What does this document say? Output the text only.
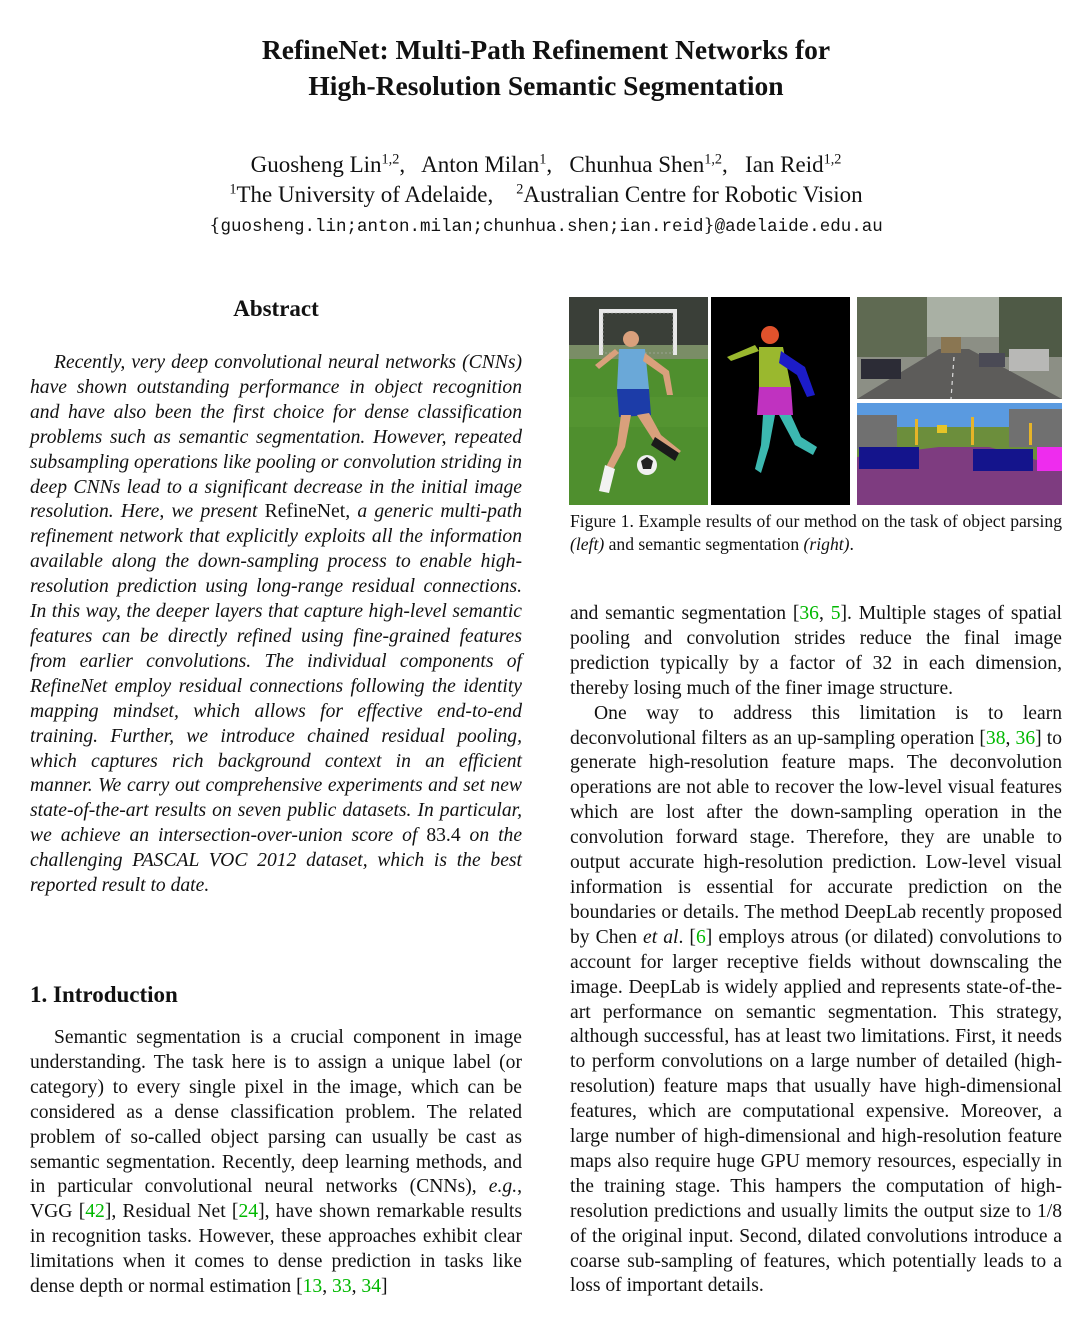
RefineNet: Multi-Path Refinement Networks for
High-Resolution Semantic Segmentation
Guosheng Lin$^{1,2}$,   Anton Milan$^1$,   Chunhua Shen$^{1,2}$,   Ian Reid$^{1,2}$
$^1$The University of Adelaide, $^2$Australian Centre for Robotic Vision
{guosheng.lin;anton.milan;chunhua.shen;ian.reid}@adelaide.edu.au
Abstract

Recently, very deep convolutional neural networks (CNNs) have shown outstanding performance in object recognition and have also been the first choice for dense classification problems such as semantic segmentation. However, repeated subsampling operations like pooling or convolution striding in deep CNNs lead to a significant decrease in the initial image resolution. Here, we present RefineNet, a generic multi-path refinement network that explicitly exploits all the information available along the down-sampling process to enable high-resolution prediction using long-range residual connections. In this way, the deeper layers that capture high-level semantic features can be directly refined using fine-grained features from earlier convolutions. The individual components of RefineNet employ residual connections following the identity mapping mindset, which allows for effective end-to-end training. Further, we introduce chained residual pooling, which captures rich background context in an efficient manner. We carry out comprehensive experiments and set new state-of-the-art results on seven public datasets. In particular, we achieve an intersection-over-union score of 83.4 on the challenging PASCAL VOC 2012 dataset, which is the best reported result to date.

1. Introduction

Semantic segmentation is a crucial component in image understanding. The task here is to assign a unique label (or category) to every single pixel in the image, which can be considered as a dense classification problem. The related problem of so-called object parsing can usually be cast as semantic segmentation. Recently, deep learning methods, and in particular convolutional neural networks (CNNs), e.g., VGG [42], Residual Net [24], have shown remarkable results in recognition tasks. However, these approaches exhibit clear limitations when it comes to dense prediction in tasks like dense depth or normal estimation [13, 33, 34]

Figure 1. Example results of our method on the task of object parsing (left) and semantic segmentation (right).

and semantic segmentation [36, 5]. Multiple stages of spatial pooling and convolution strides reduce the final image prediction typically by a factor of 32 in each dimension, thereby losing much of the finer image structure.

One way to address this limitation is to learn deconvolutional filters as an up-sampling operation [38, 36] to generate high-resolution feature maps. The deconvolution operations are not able to recover the low-level visual features which are lost after the down-sampling operation in the convolution forward stage. Therefore, they are unable to output accurate high-resolution prediction. Low-level visual information is essential for accurate prediction on the boundaries or details. The method DeepLab recently proposed by Chen et al. [6] employs atrous (or dilated) convolutions to account for larger receptive fields without downscaling the image. DeepLab is widely applied and represents state-of-the-art performance on semantic segmentation. This strategy, although successful, has at least two limitations. First, it needs to perform convolutions on a large number of detailed (high-resolution) feature maps that usually have high-dimensional features, which are computational expensive. Moreover, a large number of high-dimensional and high-resolution feature maps also require huge GPU memory resources, especially in the training stage. This hampers the computation of high-resolution predictions and usually limits the output size to 1/8 of the original input. Second, dilated convolutions introduce a coarse sub-sampling of features, which potentially leads to a loss of important details.
